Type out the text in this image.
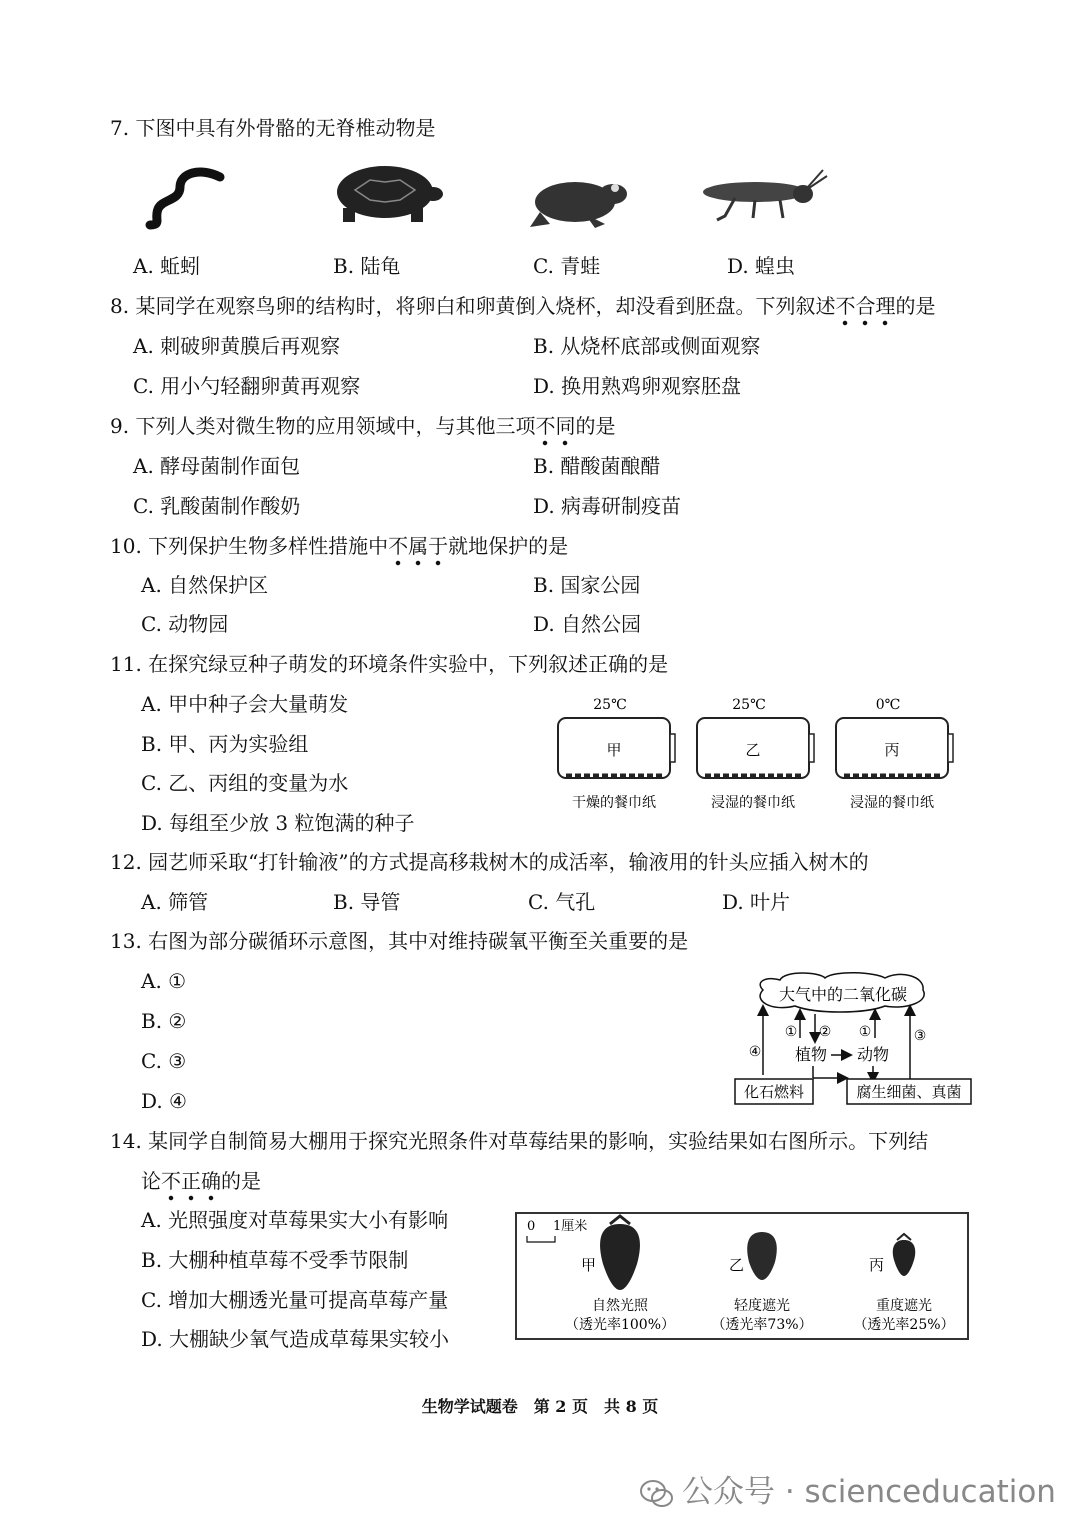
7. 下图中具有外骨骼的无脊椎动物是
A. 蚯蚓	B. 陆龟	C. 青蛙	D. 蝗虫
8. 某同学在观察鸟卵的结构时，将卵白和卵黄倒入烧杯，却没看到胚盘。下列叙述不合理的是
A. 刺破卵黄膜后再观察	B. 从烧杯底部或侧面观察
C. 用小勺轻翻卵黄再观察	D. 换用熟鸡卵观察胚盘
9. 下列人类对微生物的应用领域中，与其他三项不同的是
A. 酵母菌制作面包	B. 醋酸菌酿醋
C. 乳酸菌制作酸奶	D. 病毒研制疫苗
10. 下列保护生物多样性措施中不属于就地保护的是
A. 自然保护区	B. 国家公园
C. 动物园	D. 自然公园
11. 在探究绿豆种子萌发的环境条件实验中，下列叙述正确的是
A. 甲中种子会大量萌发
B. 甲、丙为实验组
C. 乙、丙组的变量为水
D. 每组至少放 3 粒饱满的种子
25℃
甲
干燥的餐巾纸
25℃
乙
浸湿的餐巾纸
0℃
丙
浸湿的餐巾纸
12. 园艺师采取“打针输液”的方式提高移栽树木的成活率，输液用的针头应插入树木的
A. 筛管	B. 导管	C. 气孔	D. 叶片
13. 右图为部分碳循环示意图，其中对维持碳氧平衡至关重要的是
A. ①
B. ②
C. ③
D. ④
大气中的二氧化碳
④
① ② ①	③
植物 动物
化石燃料	腐生细菌、真菌
14. 某同学自制简易大棚用于探究光照条件对草莓结果的影响，实验结果如右图所示。下列结
论不正确的是
A. 光照强度对草莓果实大小有影响
B. 大棚种植草莓不受季节限制
C. 增加大棚透光量可提高草莓产量
D. 大棚缺少氧气造成草莓果实较小
0 1厘米
甲
自然光照
（透光率100%）
乙
轻度遮光
（透光率73%）
丙
重度遮光
（透光率25%）
生物学试题卷　第 2 页　共 8 页
公众号 · scienceducation
